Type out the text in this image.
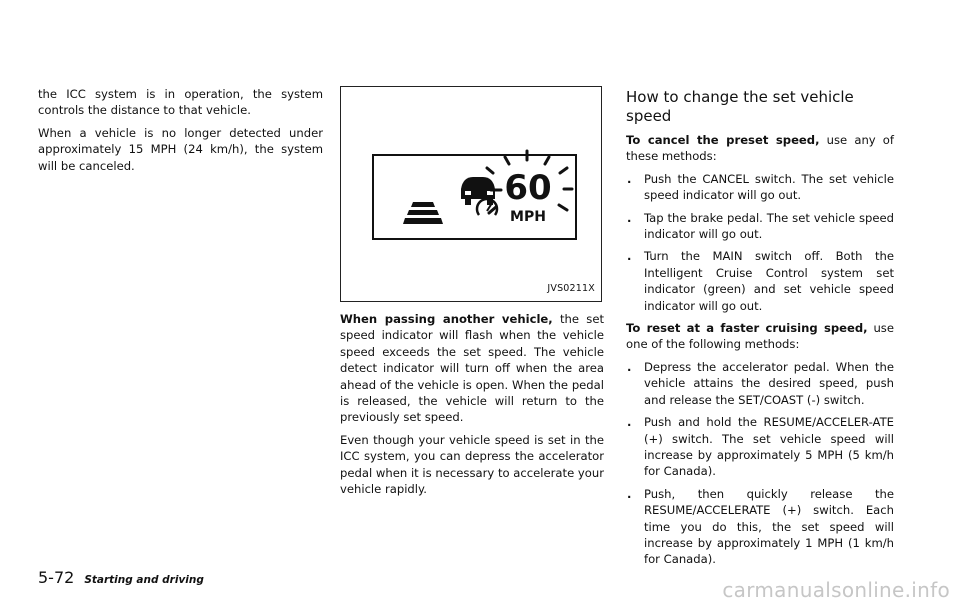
the ICC system is in operation, the system controls the distance to that vehicle.

When a vehicle is no longer detected under approximately 15 MPH (24 km/h), the system will be canceled.

60
MPH
JVS0211X

When passing another vehicle, the set speed indicator will flash when the vehicle speed exceeds the set speed. The vehicle detect indicator will turn off when the area ahead of the vehicle is open. When the pedal is released, the vehicle will return to the previously set speed.

Even though your vehicle speed is set in the ICC system, you can depress the accelerator pedal when it is necessary to accelerate your vehicle rapidly.

How to change the set vehicle speed

To cancel the preset speed, use any of these methods:

. Push the CANCEL switch. The set vehicle speed indicator will go out.
. Tap the brake pedal. The set vehicle speed indicator will go out.
. Turn the MAIN switch off. Both the Intelligent Cruise Control system set indicator (green) and set vehicle speed indicator will go out.

To reset at a faster cruising speed, use one of the following methods:

. Depress the accelerator pedal. When the vehicle attains the desired speed, push and release the SET/COAST (-) switch.
. Push and hold the RESUME/ACCELER-ATE (+) switch. The set vehicle speed will increase by approximately 5 MPH (5 km/h for Canada).
. Push, then quickly release the RESUME/ACCELERATE (+) switch. Each time you do this, the set speed will increase by approximately 1 MPH (1 km/h for Canada).
5-72 Starting and driving	carmanualsonline.info
